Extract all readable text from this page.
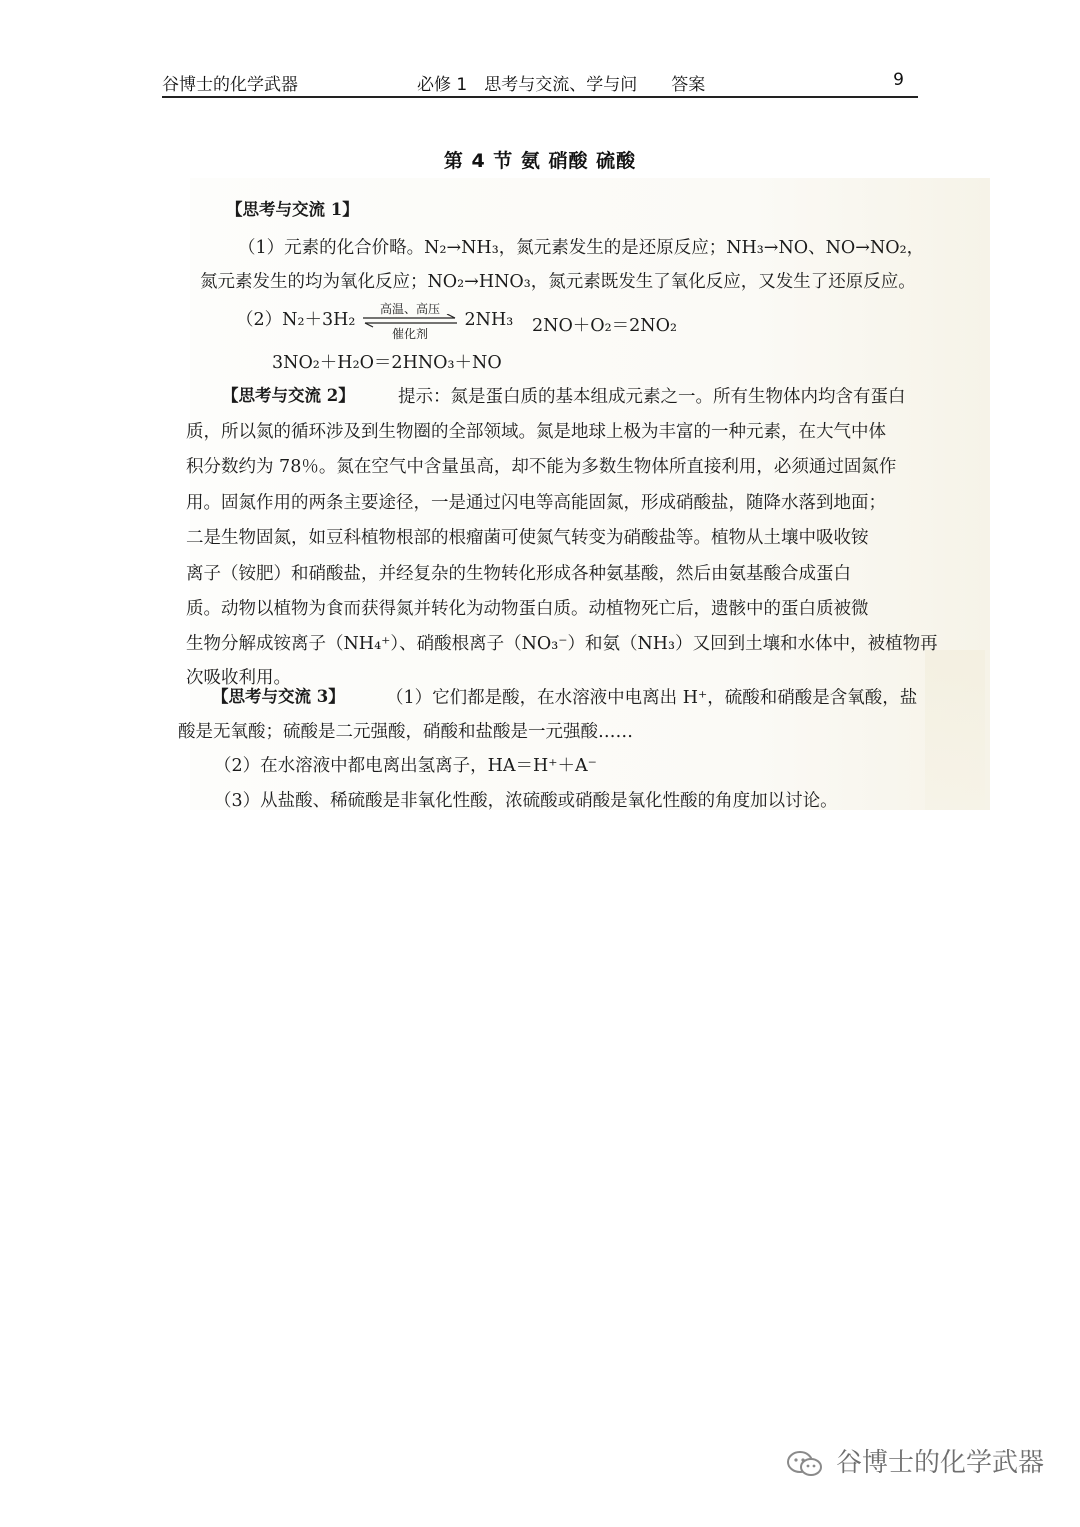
谷博士的化学武器	必修 1　思考与交流、学与问　　答案	9
第 4 节 氨 硝酸 硫酸
【思考与交流 1】
（1）元素的化合价略。N₂→NH₃，氮元素发生的是还原反应；NH₃→NO、NO→NO₂，
氮元素发生的均为氧化反应；NO₂→HNO₃，氮元素既发生了氧化反应，又发生了还原反应。
（2）N₂＋3H₂
高温、高压
催化剂
2NH₃ 2NO＋O₂＝2NO₂
3NO₂＋H₂O＝2HNO₃＋NO
【思考与交流 2】 提示：氮是蛋白质的基本组成元素之一。所有生物体内均含有蛋白
质，所以氮的循环涉及到生物圈的全部领域。氮是地球上极为丰富的一种元素，在大气中体
积分数约为 78％。氮在空气中含量虽高，却不能为多数生物体所直接利用，必须通过固氮作
用。固氮作用的两条主要途径，一是通过闪电等高能固氮，形成硝酸盐，随降水落到地面；
二是生物固氮，如豆科植物根部的根瘤菌可使氮气转变为硝酸盐等。植物从土壤中吸收铵
离子（铵肥）和硝酸盐，并经复杂的生物转化形成各种氨基酸，然后由氨基酸合成蛋白
质。动物以植物为食而获得氮并转化为动物蛋白质。动植物死亡后，遗骸中的蛋白质被微
生物分解成铵离子（NH₄⁺）、硝酸根离子（NO₃⁻）和氨（NH₃）又回到土壤和水体中，被植物再
次吸收利用。
【思考与交流 3】 （1）它们都是酸，在水溶液中电离出 H⁺，硫酸和硝酸是含氧酸，盐
酸是无氧酸；硫酸是二元强酸，硝酸和盐酸是一元强酸……
（2）在水溶液中都电离出氢离子，HA＝H⁺＋A⁻
（3）从盐酸、稀硫酸是非氧化性酸，浓硫酸或硝酸是氧化性酸的角度加以讨论。
谷博士的化学武器
